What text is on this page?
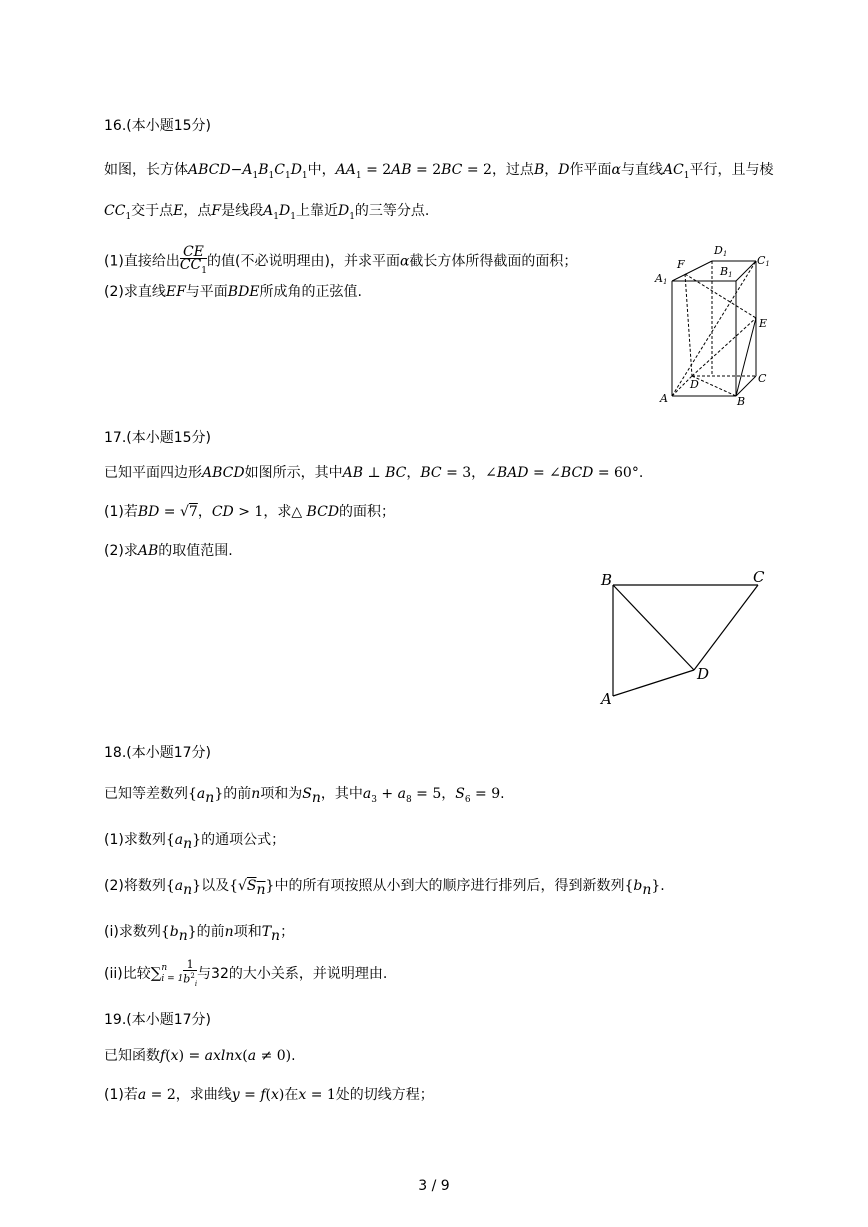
16.(本小题15分)
如图，长方体$ABCD-A_1B_1C_1D_1$中，$AA_1 = 2AB = 2BC = 2$，过点B，D作平面α与直线$AC_1$平行，且与棱
$CC_1$交于点E，点F是线段$A_1D_1$上靠近$D_1$的三等分点.
(1)直接给出 $\frac{CE}{CC_1}$ 的值(不必说明理由)，并求平面α截长方体所得截面的面积；
(2)求直线EF与平面BDE所成角的正弦值.
D1
F
B1
C1
A1
E
C
D
A	B
17.(本小题15分)
已知平面四边形ABCD如图所示，其中AB ⊥ BC，BC = 3，∠BAD = ∠BCD = 60°.
(1)若BD = √7，CD > 1，求△ BCD的面积；
(2)求AB的取值范围.
B	C
D
A
18.(本小题17分)
已知等差数列$\{a_n\}$的前n项和为$S_n$，其中$a_3 + a_8 = 5$，$S_6 = 9$.
(1)求数列$\{a_n\}$的通项公式；
(2)将数列$\{a_n\}$以及$\{√S_n\}$中的所有项按照从小到大的顺序进行排列后，得到新数列$\{b_n\}$.
(i)求数列$\{b_n\}$的前n项和$T_n$；
(ii)比较∑ n
$i = 1 \frac{1}{b^2_i}$ 与32的大小关系，并说明理由.
19.(本小题17分)
已知函数f(x) = axlnx(a ≠ 0).
(1)若a = 2，求曲线y = f(x)在x = 1处的切线方程；
3 / 9
